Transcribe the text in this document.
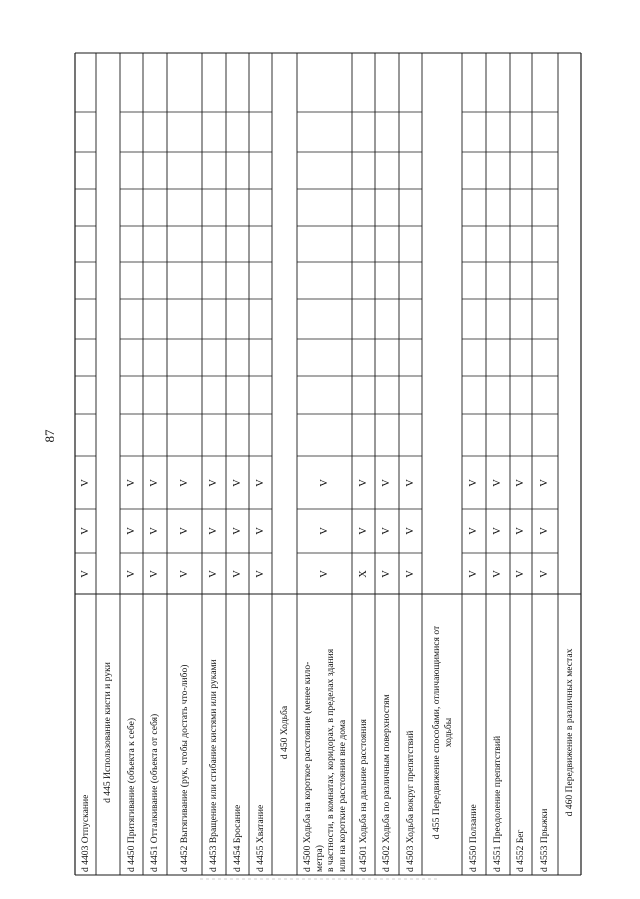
87
d 4403 Отпускание
V
V
V
d 445 Использование кисти и руки d 4450 Притягивание (объекта к себе)
V
V
V
d 4451 Отталкивание (объекта от себя)
V
V
V
d 4452 Вытягивание (рук, чтобы достать что-либо)
V
V
V
d 4453 Вращение или сгибание кистями или руками
V
V
V
d 4454 Бросание
V
V
V
d 4455 Хватание
V
V
V
d 450 Ходьба
d 4500 Ходьба на короткое расстояние (менее кило-
метра)
в частности, в комнатах, коридорах, в пределах здания
или на короткие расстояния вне дома
V
V
V
d 4501 Ходьба на дальние расстояния
X
V
V
d 4502 Ходьба по различным поверхностям
V
V
V
d 4503 Ходьба вокруг препятствий
V
V
V
d 455 Передвижение способами, отличающимися от
ходьбы
d 4550 Ползание
V
V
V
d 4551 Преодоление препятствий
V
V
V
d 4552 Бег
V
V
V
d 4553 Прыжки
V
V
V
d 460 Передвижение в различных местах
